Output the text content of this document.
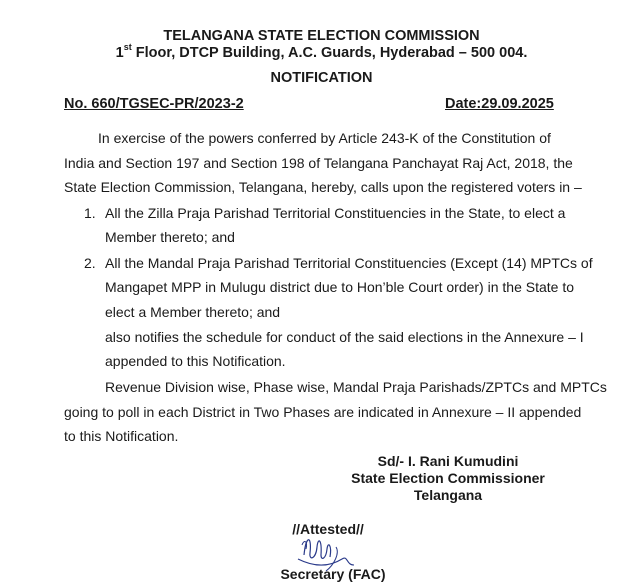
TELANGANA STATE ELECTION COMMISSION
1st Floor, DTCP Building, A.C. Guards, Hyderabad – 500 004.
NOTIFICATION
No. 660/TGSEC-PR/2023-2	Date:29.09.2025
In exercise of the powers conferred by Article 243-K of the Constitution of
India and Section 197 and Section 198 of Telangana Panchayat Raj Act, 2018, the
State Election Commission, Telangana, hereby, calls upon the registered voters in –
1. All the Zilla Praja Parishad Territorial Constituencies in the State, to elect a
Member thereto; and
2. All the Mandal Praja Parishad Territorial Constituencies (Except (14) MPTCs of
Mangapet MPP in Mulugu district due to Hon’ble Court order) in the State to
elect a Member thereto; and
also notifies the schedule for conduct of the said elections in the Annexure – I
appended to this Notification.
Revenue Division wise, Phase wise, Mandal Praja Parishads/ZPTCs and MPTCs
going to poll in each District in Two Phases are indicated in Annexure – II appended
to this Notification.
Sd/- I. Rani Kumudini
State Election Commissioner
Telangana
//Attested//
Secretary (FAC)
